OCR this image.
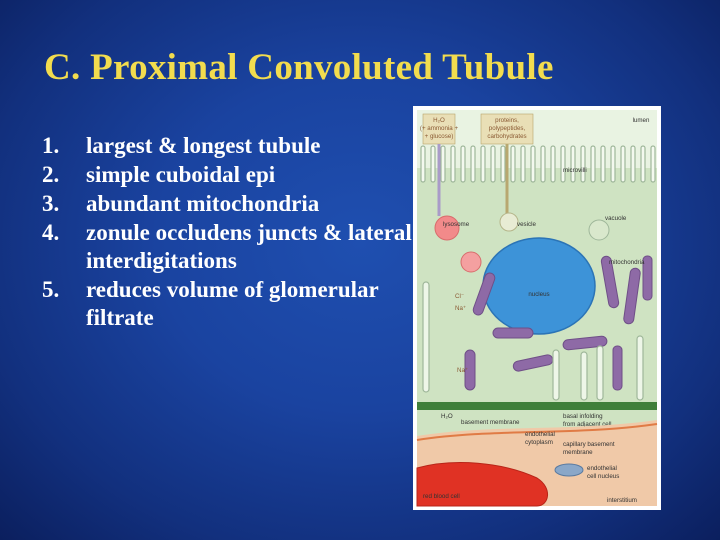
C. Proximal Convoluted Tubule
1. largest & longest tubule
2. simple cuboidal epi
3. abundant mitochondria
4. zonule occludens juncts & lateral interdigitations
5. reduces volume of glomerular filtrate
H₂O
(+ ammonia +
+ glucose)
proteins,
polypeptides,
carbohydrates
lumen
microvilli
lysosome	vesicle
vacuole
nucleus
mitochondria
Cl⁻
Na⁺
Na⁺
H₂O
basement membrane
basal infolding
from adjacent cell
endothelial
cytoplasm capillary basement
membrane
endothelial
cell nucleus
red blood cell
interstitium
